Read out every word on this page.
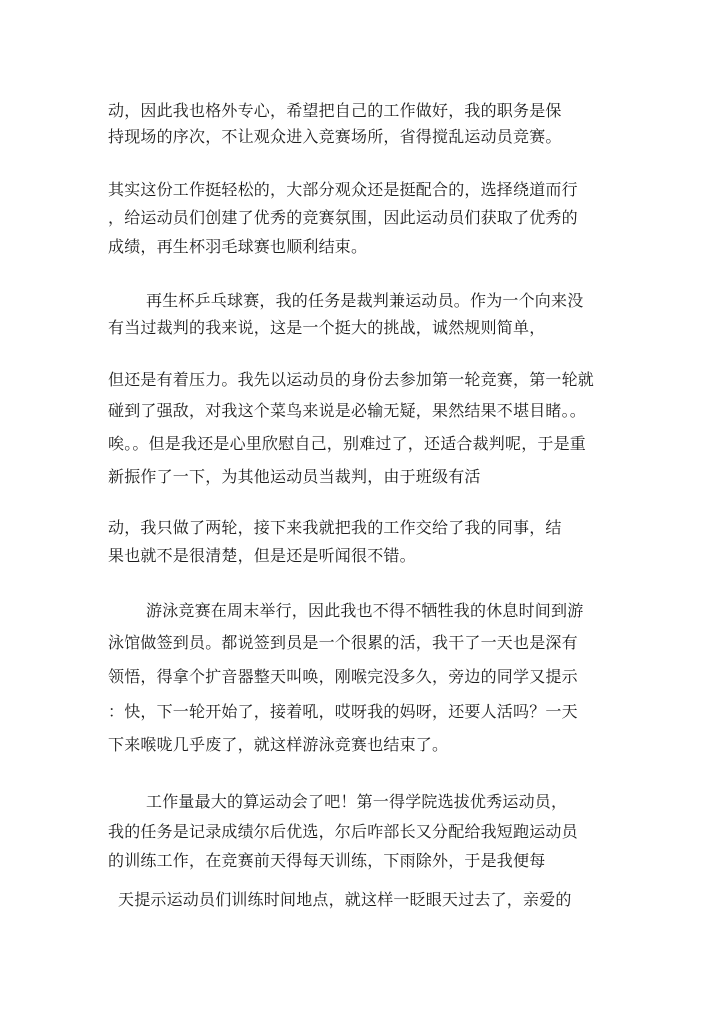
动，因此我也格外专心，希望把自己的工作做好，我的职务是保
持现场的序次，不让观众进入竞赛场所，省得搅乱运动员竞赛。
其实这份工作挺轻松的，大部分观众还是挺配合的，选择绕道而行
，给运动员们创建了优秀的竞赛氛围，因此运动员们获取了优秀的
成绩，再生杯羽毛球赛也顺利结束。
再生杯乒乓球赛，我的任务是裁判兼运动员。作为一个向来没
有当过裁判的我来说，这是一个挺大的挑战，诚然规则简单，
但还是有着压力。我先以运动员的身份去参加第一轮竞赛，第一轮就
碰到了强敌，对我这个菜鸟来说是必输无疑，果然结果不堪目睹。。
唉。。但是我还是心里欣慰自己，别难过了，还适合裁判呢，于是重
新振作了一下，为其他运动员当裁判，由于班级有活
动，我只做了两轮，接下来我就把我的工作交给了我的同事，结
果也就不是很清楚，但是还是听闻很不错。
游泳竞赛在周末举行，因此我也不得不牺牲我的休息时间到游
泳馆做签到员。都说签到员是一个很累的活，我干了一天也是深有
领悟，得拿个扩音器整天叫唤，刚喉完没多久，旁边的同学又提示
：快，下一轮开始了，接着吼，哎呀我的妈呀，还要人活吗？一天
下来喉咙几乎废了，就这样游泳竞赛也结束了。
工作量最大的算运动会了吧！第一得学院选拔优秀运动员，
我的任务是记录成绩尔后优选，尔后咋部长又分配给我短跑运动员
的训练工作，在竞赛前天得每天训练，下雨除外，于是我便每
天提示运动员们训练时间地点，就这样一眨眼天过去了，亲爱的
